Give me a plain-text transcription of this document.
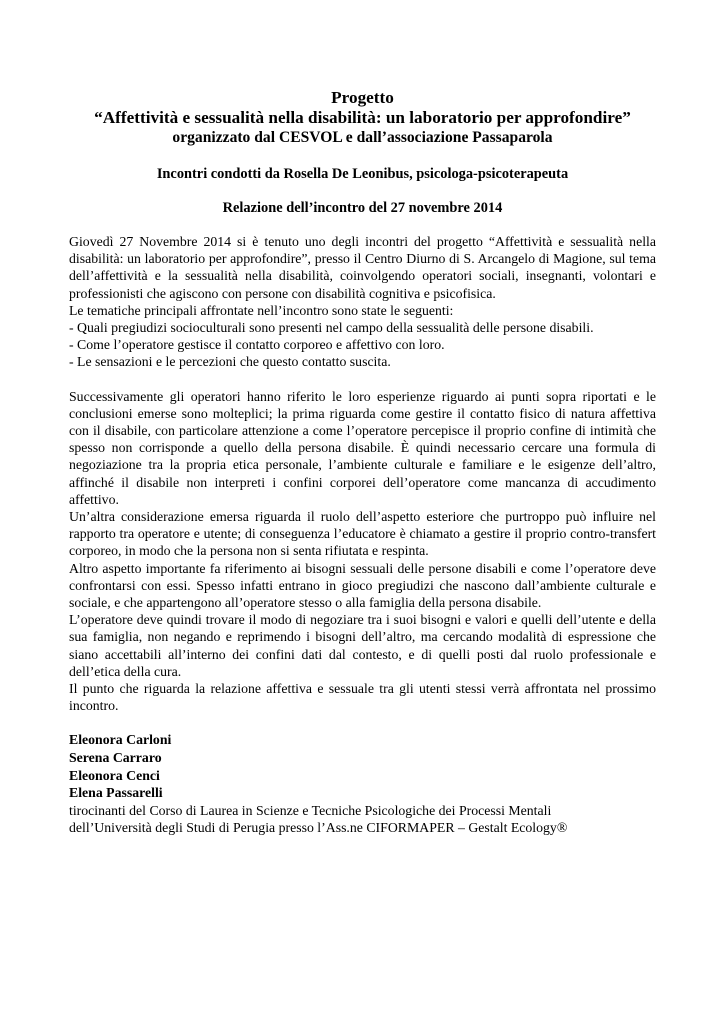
Progetto

“Affettività e sessualità nella disabilità: un laboratorio per approfondire”

organizzato dal CESVOL e dall’associazione Passaparola

Incontri condotti da Rosella De Leonibus, psicologa-psicoterapeuta

Relazione dell’incontro del 27 novembre 2014

Giovedì 27 Novembre 2014 si è tenuto uno degli incontri del progetto “Affettività e sessualità nella disabilità: un laboratorio per approfondire”, presso il Centro Diurno di S. Arcangelo di Magione, sul tema dell’affettività e la sessualità nella disabilità, coinvolgendo operatori sociali, insegnanti, volontari e professionisti che agiscono con persone con disabilità cognitiva e psicofisica.

Le tematiche principali affrontate nell’incontro sono state le seguenti:

- Quali pregiudizi socioculturali sono presenti nel campo della sessualità delle persone disabili.

- Come l’operatore gestisce il contatto corporeo e affettivo con loro.

- Le sensazioni e le percezioni che questo contatto suscita.

Successivamente gli operatori hanno riferito le loro esperienze riguardo ai punti sopra riportati e le conclusioni emerse sono molteplici; la prima riguarda come gestire il contatto fisico di natura affettiva con il disabile, con particolare attenzione a come l’operatore percepisce il proprio confine di intimità che spesso non corrisponde a quello della persona disabile. È quindi necessario cercare una formula di negoziazione tra la propria etica personale, l’ambiente culturale e familiare e le esigenze dell’altro, affinché il disabile non interpreti i confini corporei dell’operatore come mancanza di accudimento affettivo.

Un’altra considerazione emersa riguarda il ruolo dell’aspetto esteriore che purtroppo può influire nel rapporto tra operatore e utente; di conseguenza l’educatore è chiamato a gestire il proprio contro-transfert corporeo, in modo che la persona non si senta rifiutata e respinta.

Altro aspetto importante fa riferimento ai bisogni sessuali delle persone disabili e come l’operatore deve confrontarsi con essi. Spesso infatti entrano in gioco pregiudizi che nascono dall’ambiente culturale e sociale, e che appartengono all’operatore stesso o alla famiglia della persona disabile.

L’operatore deve quindi trovare il modo di negoziare tra i suoi bisogni e valori e quelli dell’utente e della sua famiglia, non negando e reprimendo i bisogni dell’altro, ma cercando modalità di espressione che siano accettabili all’interno dei confini dati dal contesto, e di quelli posti dal ruolo professionale e dell’etica della cura.

Il punto che riguarda la relazione affettiva e sessuale tra gli utenti stessi verrà affrontata nel prossimo incontro.

Eleonora Carloni
Serena Carraro
Eleonora Cenci
Elena Passarelli
tirocinanti del Corso di Laurea in Scienze e Tecniche Psicologiche dei Processi Mentali
dell’Università degli Studi di Perugia presso l’Ass.ne CIFORMAPER – Gestalt Ecology®
